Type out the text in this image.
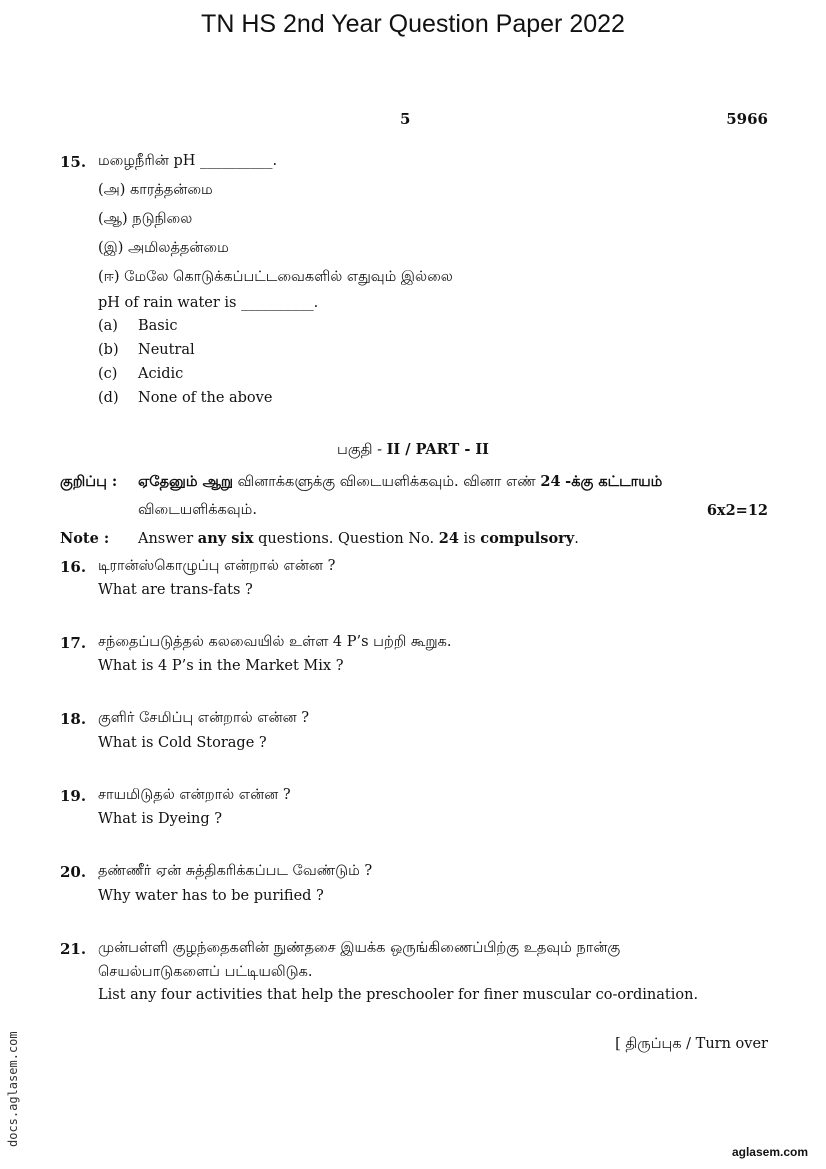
TN HS 2nd Year Question Paper 2022
5	5966
15. மழைநீரின் pH __________.
(அ) காரத்தன்மை
(ஆ) நடுநிலை
(இ) அமிலத்தன்மை
(ஈ) மேலே கொடுக்கப்பட்டவைகளில் எதுவும் இல்லை
pH of rain water is __________.
(a) Basic
(b) Neutral
(c) Acidic
(d) None of the above
பகுதி - II / PART - II
குறிப்பு : ஏதேனும் ஆறு வினாக்களுக்கு விடையளிக்கவும். வினா எண் 24 -க்கு கட்டாயம்
விடையளிக்கவும்.	6x2=12
Note : Answer any six questions. Question No. 24 is compulsory.
16. டிரான்ஸ்கொழுப்பு என்றால் என்ன ?
What are trans-fats ?
17. சந்தைப்படுத்தல் கலவையில் உள்ள 4 P’s பற்றி கூறுக.
What is 4 P’s in the Market Mix ?
18. குளிர் சேமிப்பு என்றால் என்ன ?
What is Cold Storage ?
19. சாயமிடுதல் என்றால் என்ன ?
What is Dyeing ?
20. தண்ணீர் ஏன் சுத்திகரிக்கப்பட வேண்டும் ?
Why water has to be purified ?
21. முன்பள்ளி குழந்தைகளின் நுண்தசை இயக்க ஒருங்கிணைப்பிற்கு உதவும் நான்கு
செயல்பாடுகளைப் பட்டியலிடுக.
List any four activities that help the preschooler for finer muscular co-ordination.
[ திருப்புக / Turn over
docs.aglasem.com
aglasem.com
